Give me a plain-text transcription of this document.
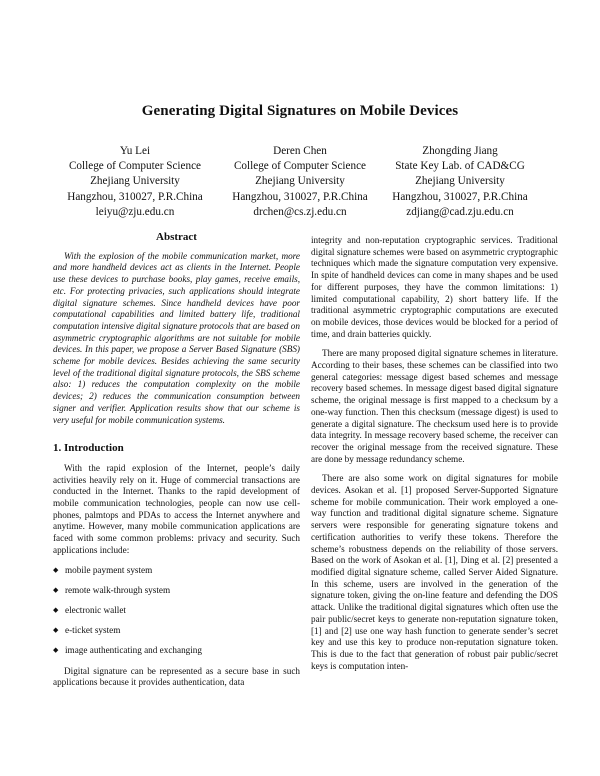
Generating Digital Signatures on Mobile Devices
Yu Lei
College of Computer Science
Zhejiang University
Hangzhou, 310027, P.R.China
leiyu@zju.edu.cn
Deren Chen
College of Computer Science
Zhejiang University
Hangzhou, 310027, P.R.China
drchen@cs.zj.edu.cn
Zhongding Jiang
State Key Lab. of CAD&CG
Zhejiang University
Hangzhou, 310027, P.R.China
zdjiang@cad.zju.edu.cn
Abstract

With the explosion of the mobile communication market, more and more handheld devices act as clients in the Internet. People use these devices to purchase books, play games, receive emails, etc. For protecting privacies, such applications should integrate digital signature schemes. Since handheld devices have poor computational capabilities and limited battery life, traditional computation intensive digital signature protocols that are based on asymmetric cryptographic algorithms are not suitable for mobile devices. In this paper, we propose a Server Based Signature (SBS) scheme for mobile devices. Besides achieving the same security level of the traditional digital signature protocols, the SBS scheme also: 1) reduces the computation complexity on the mobile devices; 2) reduces the communication consumption between signer and verifier. Application results show that our scheme is very useful for mobile communication systems.

1. Introduction

With the rapid explosion of the Internet, people’s daily activities heavily rely on it. Huge of commercial transactions are conducted in the Internet. Thanks to the rapid development of mobile communication technologies, people can now use cell-phones, palmtops and PDAs to access the Internet anywhere and anytime. However, many mobile communication applications are faced with some common problems: privacy and security. Such applications include:

◆ mobile payment system
◆ remote walk-through system
◆ electronic wallet
◆ e-ticket system
◆ image authenticating and exchanging

Digital signature can be represented as a secure base in such applications because it provides authentication, data

integrity and non-reputation cryptographic services. Traditional digital signature schemes were based on asymmetric cryptographic techniques which made the signature computation very expensive. In spite of handheld devices can come in many shapes and be used for different purposes, they have the common limitations: 1) limited computational capability, 2) short battery life. If the traditional asymmetric cryptographic computations are executed on mobile devices, those devices would be blocked for a period of time, and drain batteries quickly.

There are many proposed digital signature schemes in literature. According to their bases, these schemes can be classified into two general categories: message digest based schemes and message recovery based schemes. In message digest based digital signature scheme, the original message is first mapped to a checksum by a one-way function. Then this checksum (message digest) is used to generate a digital signature. The checksum used here is to provide data integrity. In message recovery based scheme, the receiver can recover the original message from the received signature. These are done by message redundancy scheme.

There are also some work on digital signatures for mobile devices. Asokan et al. [1] proposed Server-Supported Signature scheme for mobile communication. Their work employed a one-way function and traditional digital signature scheme. Signature servers were responsible for generating signature tokens and certification authorities to verify these tokens. Therefore the scheme’s robustness depends on the reliability of those servers. Based on the work of Asokan et al. [1], Ding et al. [2] presented a modified digital signature scheme, called Server Aided Signature. In this scheme, users are involved in the generation of the signature token, giving the on-line feature and defending the DOS attack. Unlike the traditional digital signatures which often use the pair public/secret keys to generate non-reputation signature token, [1] and [2] use one way hash function to generate sender’s secret key and use this key to produce non-reputation signature token. This is due to the fact that generation of robust pair public/secret keys is computation inten-
